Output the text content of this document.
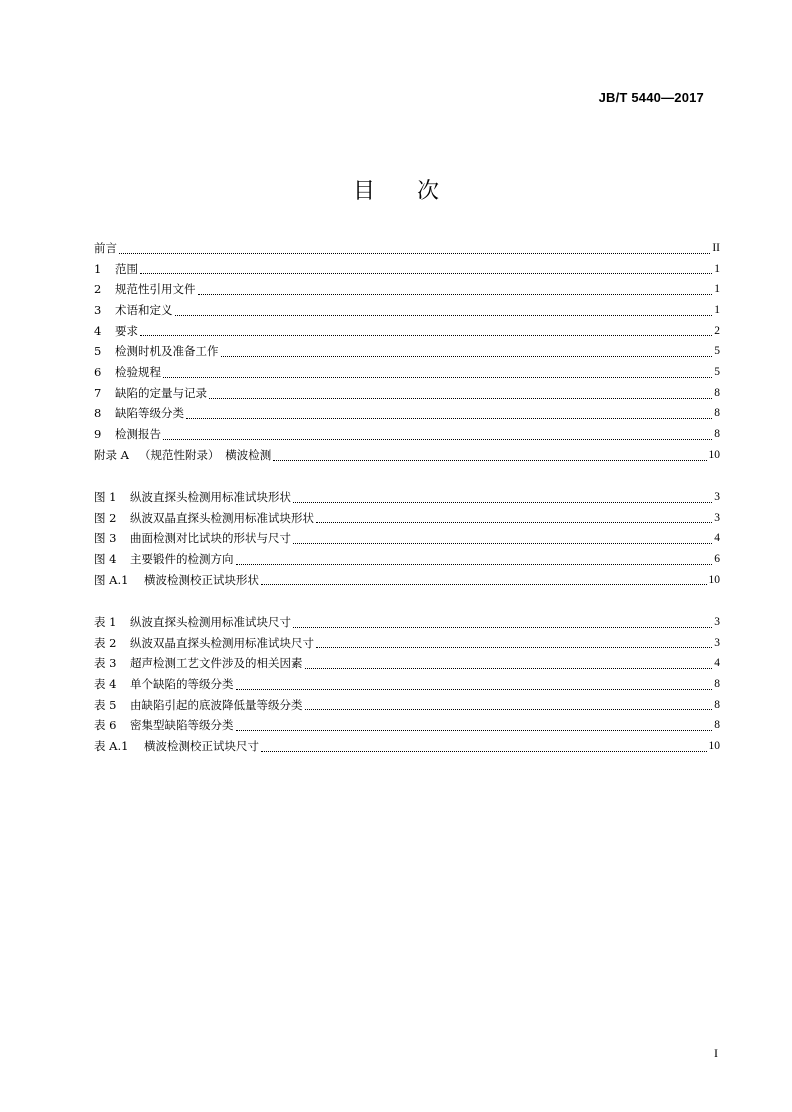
JB/T 5440—2017
目 次
前言	II
1	范围	1
2	规范性引用文件	1
3	术语和定义	1
4	要求	2
5	检测时机及准备工作	5
6	检验规程	5
7	缺陷的定量与记录	8
8	缺陷等级分类	8
9	检测报告	8
附录 A （规范性附录）　横波检测	10
图 1	纵波直探头检测用标准试块形状	3
图 2	纵波双晶直探头检测用标准试块形状	3
图 3	曲面检测对比试块的形状与尺寸	4
图 4	主要锻件的检测方向	6
图 A.1	横波检测校正试块形状	10
表 1	纵波直探头检测用标准试块尺寸	3
表 2	纵波双晶直探头检测用标准试块尺寸	3
表 3	超声检测工艺文件涉及的相关因素	4
表 4	单个缺陷的等级分类	8
表 5	由缺陷引起的底波降低量等级分类	8
表 6	密集型缺陷等级分类	8
表 A.1	横波检测校正试块尺寸	10
I
